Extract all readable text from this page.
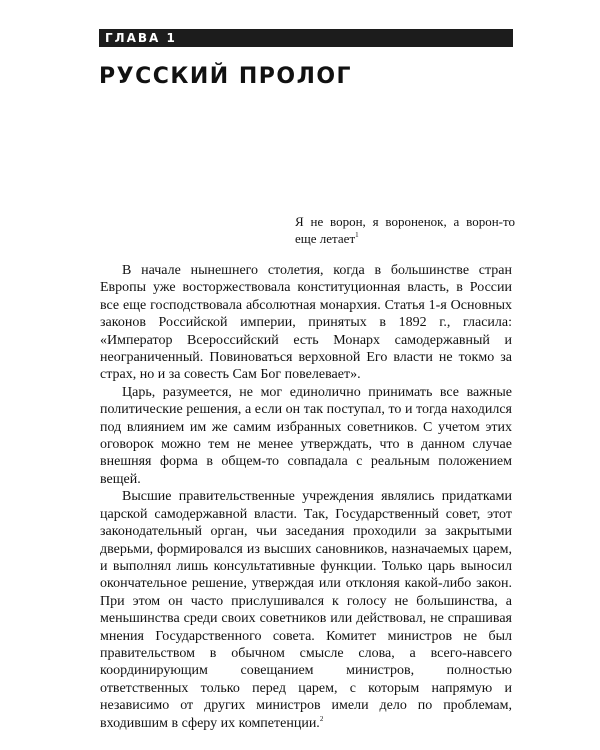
ГЛАВА 1
РУССКИЙ ПРОЛОГ

Я не ворон, я вороненок, а ворон-то еще летает$^1$

В начале нынешнего столетия, когда в большинстве стран Европы уже восторжествовала конституционная власть, в России все еще господствовала абсолютная монархия. Статья 1-я Основных законов Российской империи, принятых в 1892 г., гласила: «Император Всероссийский есть Монарх самодержавный и неограниченный. Повиноваться верховной Его власти не токмо за страх, но и за совесть Сам Бог повелевает».

Царь, разумеется, не мог единолично принимать все важные политические решения, а если он так поступал, то и тогда находился под влиянием им же самим избранных советников. С учетом этих оговорок можно тем не менее утверждать, что в данном случае внешняя форма в общем-то совпадала с реальным положением вещей.

Высшие правительственные учреждения являлись придатками царской самодержавной власти. Так, Государственный совет, этот законодательный орган, чьи заседания проходили за закрытыми дверьми, формировался из высших сановников, назначаемых царем, и выполнял лишь консультативные функции. Только царь выносил окончательное решение, утверждая или отклоняя какой-либо закон. При этом он часто прислушивался к голосу не большинства, а меньшинства среди своих советников или действовал, не спрашивая мнения Государственного совета. Комитет министров не был правительством в обычном смысле слова, а всего-навсего координирующим совещанием министров, полностью ответственных только перед царем, с которым напрямую и независимо от других министров имели дело по проблемам, входившим в сферу их компетенции.$^2$
